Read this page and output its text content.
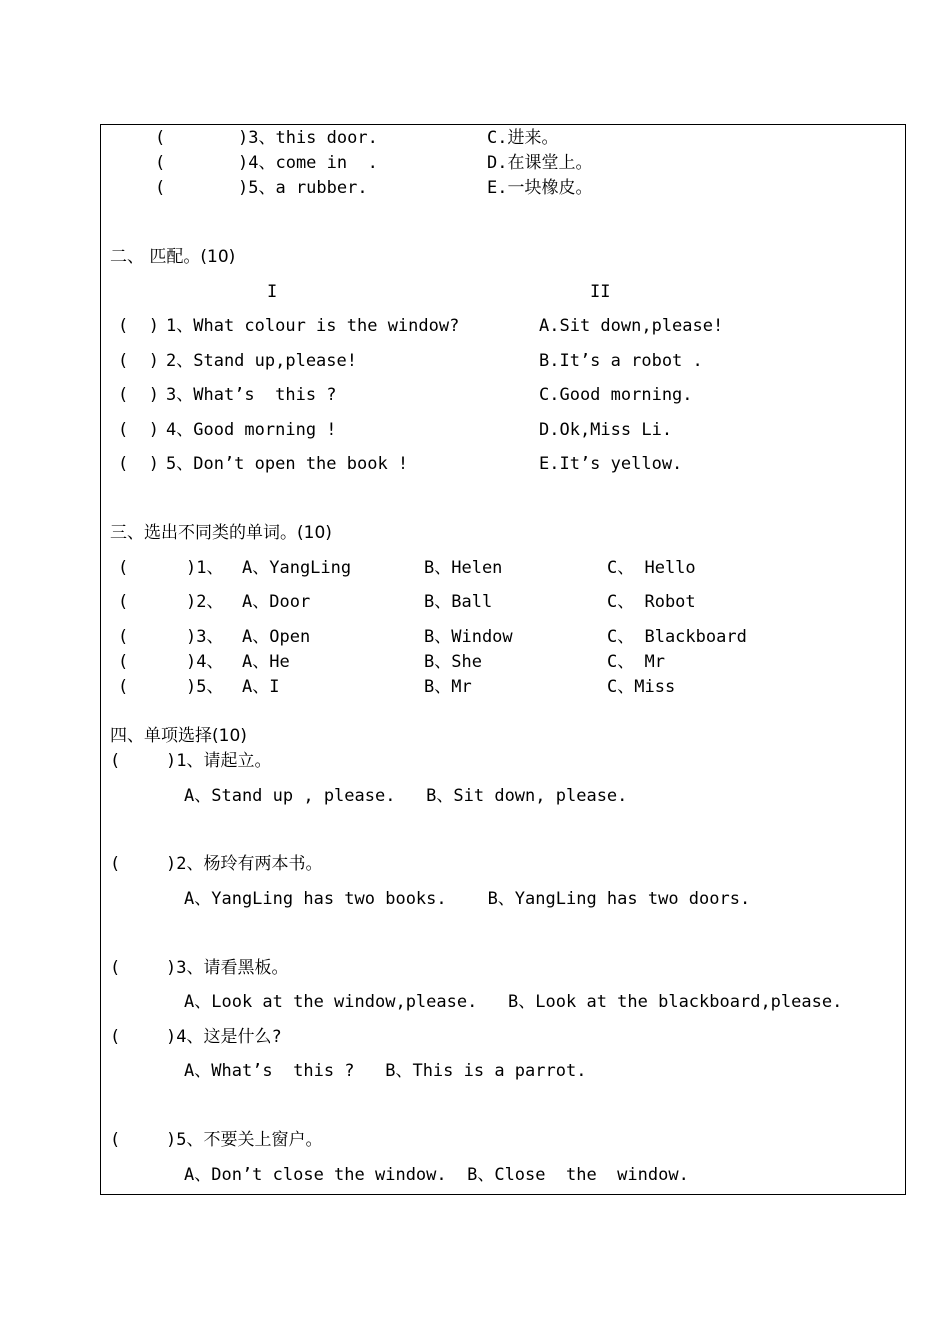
(	)3、this door.	C.进来。
(	)4、come in  .	D.在课堂上。
(	)5、a rubber.	E.一块橡皮。
二、 匹配。(10)
I	II
(  ) 1、What colour is the window?	A.Sit down,please!
(  ) 2、Stand up,please!	B.It’s a robot .
(  ) 3、What’s  this ?	C.Good morning.
(  ) 4、Good morning !	D.Ok,Miss Li.
(  ) 5、Don’t open the book !	E.It’s yellow.
三、选出不同类的单词。(10)
(	)1、 A、YangLing	B、Helen	C、 Hello
(	)2、 A、Door	B、Ball	C、 Robot
(	)3、 A、Open	B、Window	C、 Blackboard
(	)4、 A、He	B、She	C、 Mr
(	)5、 A、I	B、Mr	C、Miss
四、单项选择(10)
(	)1、请起立。
A、Stand up , please.   B、Sit down, please.
(	)2、杨玲有两本书。
A、YangLing has two books.    B、YangLing has two doors.
(	)3、请看黑板。
A、Look at the window,please.   B、Look at the blackboard,please.
(	)4、这是什么?
A、What’s  this ?   B、This is a parrot.
(	)5、不要关上窗户。
A、Don’t close the window.  B、Close  the  window.
